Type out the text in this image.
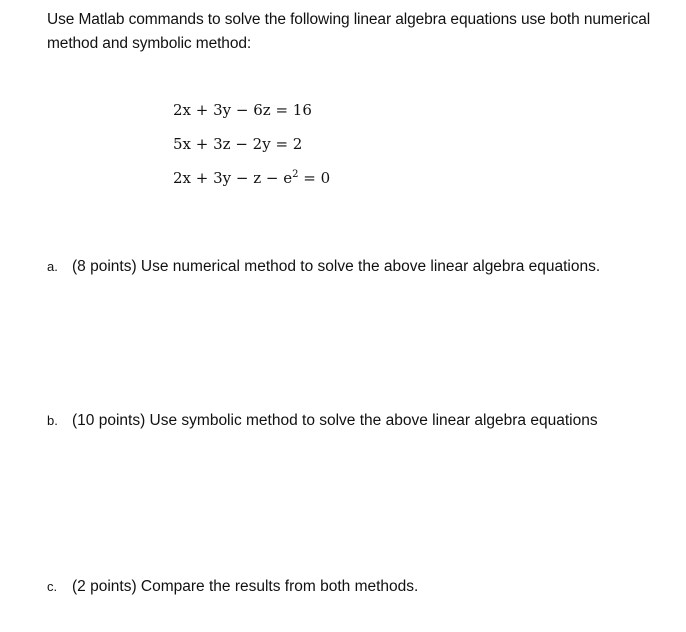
Use Matlab commands to solve the following linear algebra equations use both numerical method and symbolic method:
2x + 3y − 6z = 16
5x + 3z − 2y = 2
$2x + 3y - z - e^2 = 0$
a. (8 points) Use numerical method to solve the above linear algebra equations.
b. (10 points) Use symbolic method to solve the above linear algebra equations
c. (2 points) Compare the results from both methods.
